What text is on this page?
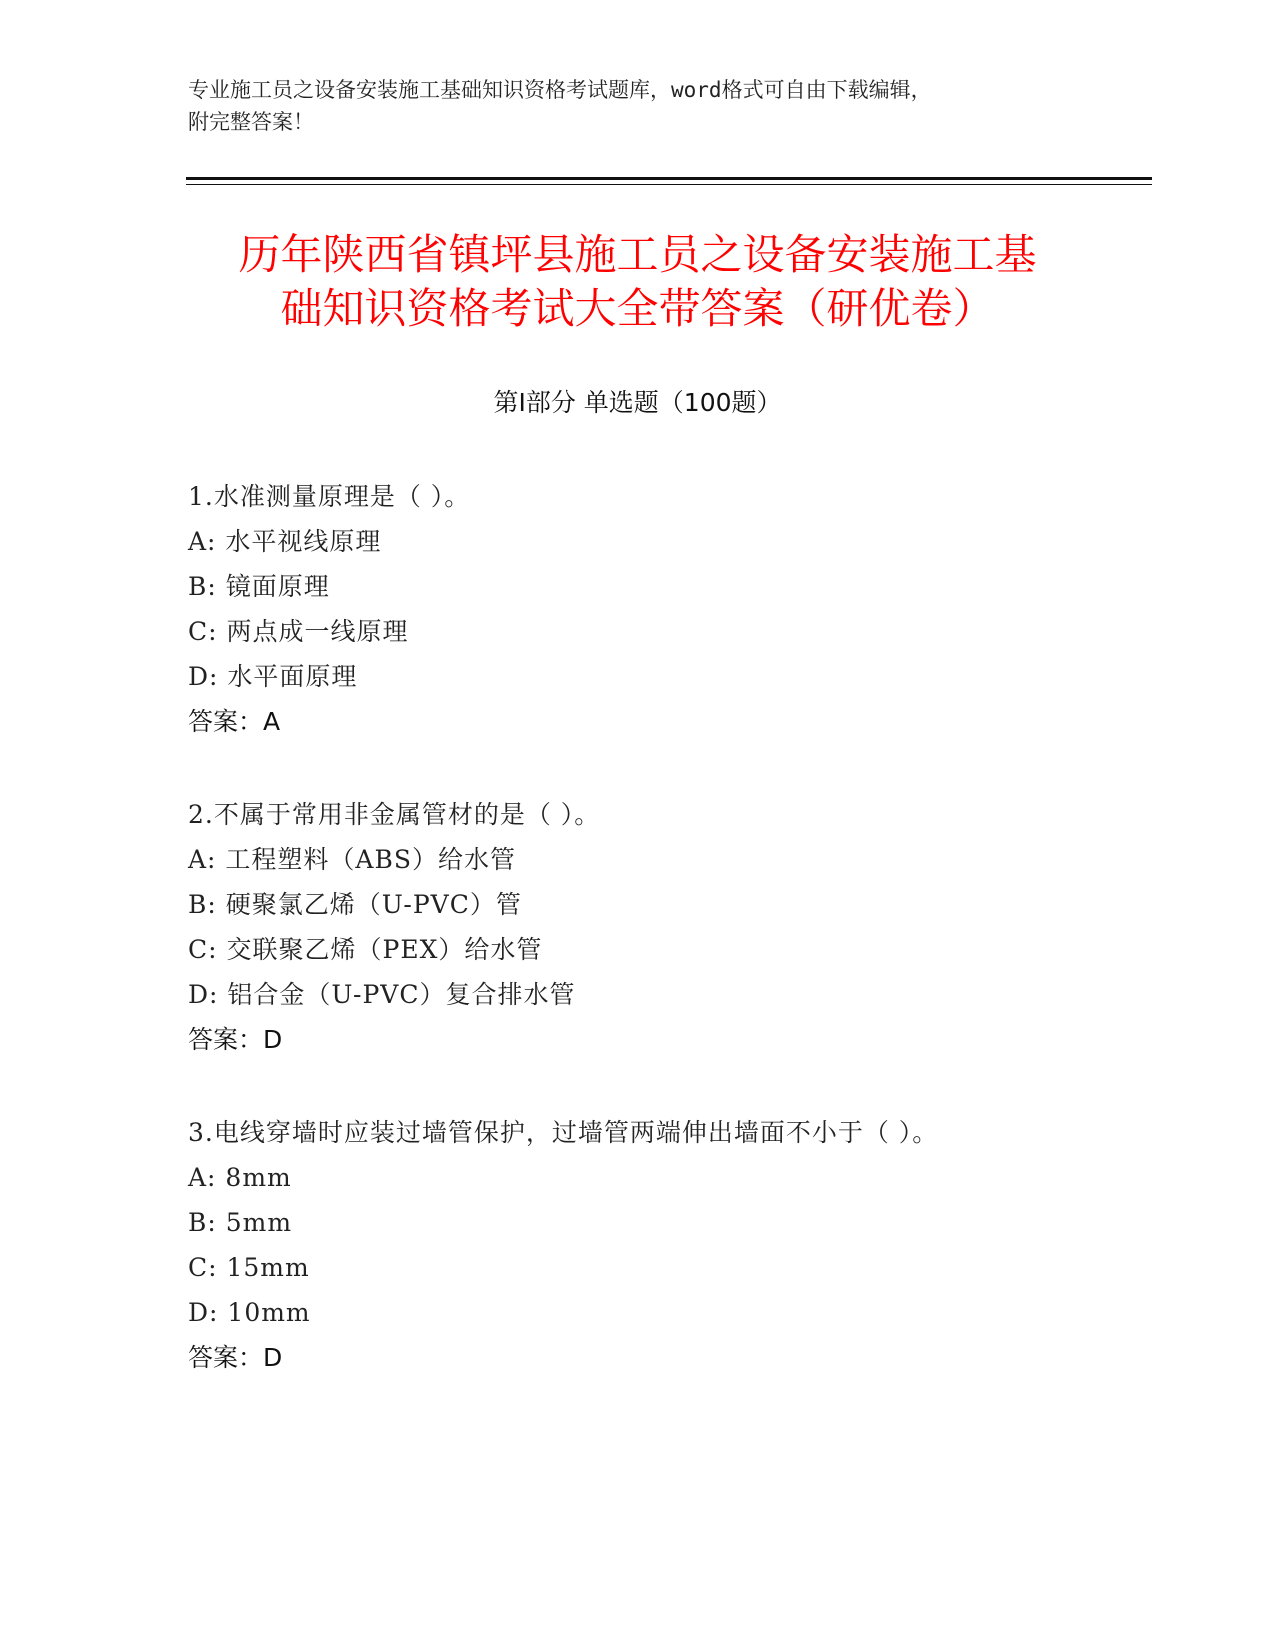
专业施工员之设备安装施工基础知识资格考试题库，word格式可自由下载编辑，
附完整答案！
历年陕西省镇坪县施工员之设备安装施工基
础知识资格考试大全带答案（研优卷）
第Ⅰ部分 单选题（100题）
1.水准测量原理是（ ）。
A: 水平视线原理
B: 镜面原理
C: 两点成一线原理
D: 水平面原理
答案：A
2.不属于常用非金属管材的是（ ）。
A: 工程塑料（ABS）给水管
B: 硬聚氯乙烯（U-PVC）管
C: 交联聚乙烯（PEX）给水管
D: 铝合金（U-PVC）复合排水管
答案：D
3.电线穿墙时应装过墙管保护，过墙管两端伸出墙面不小于（ ）。
A: 8mm
B: 5mm
C: 15mm
D: 10mm
答案：D
